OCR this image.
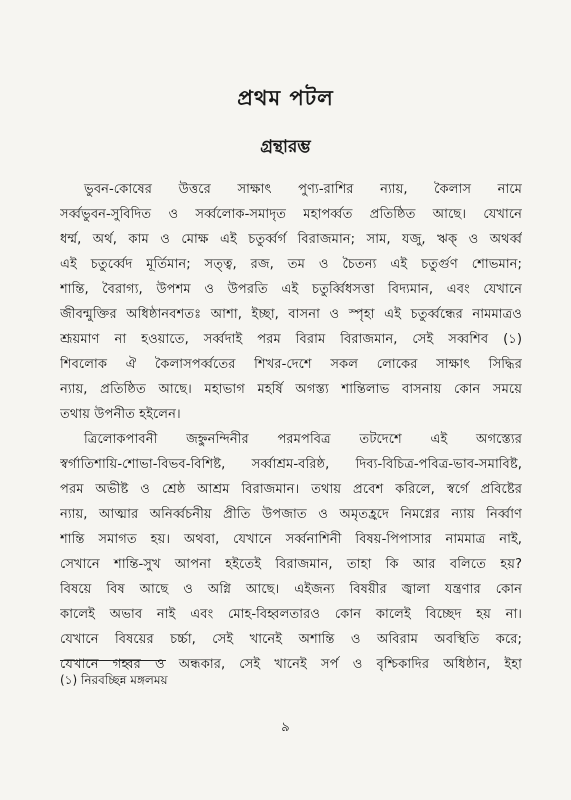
প্রথম পটল
গ্রন্থারম্ভ
ভুবন-কোষের উত্তরে সাক্ষাৎ পুণ্য-রাশির ন্যায়, কৈলাস নামে
সর্ব্বভুবন-সুবিদিত ও সর্ব্বলোক-সমাদৃত মহাপর্ব্বত প্রতিষ্ঠিত আছে। যেখানে
ধর্ম্ম, অর্থ, কাম ও মোক্ষ এই চতুর্ব্বর্গ বিরাজমান; সাম, যজু, ঋক্ ও অথর্ব্ব
এই চতুর্ব্বেদ মূর্তিমান; সত্ত্ব, রজ, তম ও চৈতন্য এই চতুর্গুণ শোভমান;
শান্তি, বৈরাগ্য, উপশম ও উপরতি এই চতুর্ব্বিধসত্তা বিদ্যমান, এবং যেখানে
জীবন্মুক্তির অধিষ্ঠানবশতঃ আশা, ইচ্ছা, বাসনা ও স্পৃহা এই চতুর্ব্বন্ধের নামমাত্রও
শ্রূয়মাণ না হওয়াতে, সর্ব্বদাই পরম বিরাম বিরাজমান, সেই সব্বশিব (১)
শিবলোক ঐ কৈলাসপর্ব্বতের শিখর-দেশে সকল লোকের সাক্ষাৎ সিদ্ধির
ন্যায়, প্রতিষ্ঠিত আছে। মহাভাগ মহর্ষি অগস্ত্য শান্তিলাভ বাসনায় কোন সময়ে
তথায় উপনীত হইলেন।
ত্রিলোকপাবনী জহ্নুনন্দিনীর পরমপবিত্র তটদেশে এই অগস্ত্যের
স্বর্গাতিশায়ি-শোভা-বিভব-বিশিষ্ট, সর্ব্বাশ্রম-বরিষ্ঠ, দিব্য-বিচিত্র-পবিত্র-ভাব-সমাবিষ্ট,
পরম অভীষ্ট ও শ্রেষ্ঠ আশ্রম বিরাজমান। তথায় প্রবেশ করিলে, স্বর্গে প্রবিষ্টের
ন্যায়, আত্মার অনির্ব্বচনীয় প্রীতি উপজাত ও অমৃতহ্রদে নিমগ্নের ন্যায় নির্ব্বাণ
শান্তি সমাগত হয়। অথবা, যেখানে সর্ব্বনাশিনী বিষয়-পিপাসার নামমাত্র নাই,
সেখানে শান্তি-সুখ আপনা হইতেই বিরাজমান, তাহা কি আর বলিতে হয়?
বিষয়ে বিষ আছে ও অগ্নি আছে। এইজন্য বিষয়ীর জ্বালা যন্ত্রণার কোন
কালেই অভাব নাই এবং মোহ-বিহ্বলতারও কোন কালেই বিচ্ছেদ হয় না।
যেখানে বিষয়ের চর্চ্চা, সেই খানেই অশান্তি ও অবিরাম অবস্থিতি করে;
যেখানে গহ্বর ও অন্ধকার, সেই খানেই সর্প ও বৃশ্চিকাদির অধিষ্ঠান, ইহা
(১) নিরবচ্ছিন্ন মঙ্গলময়
৯
